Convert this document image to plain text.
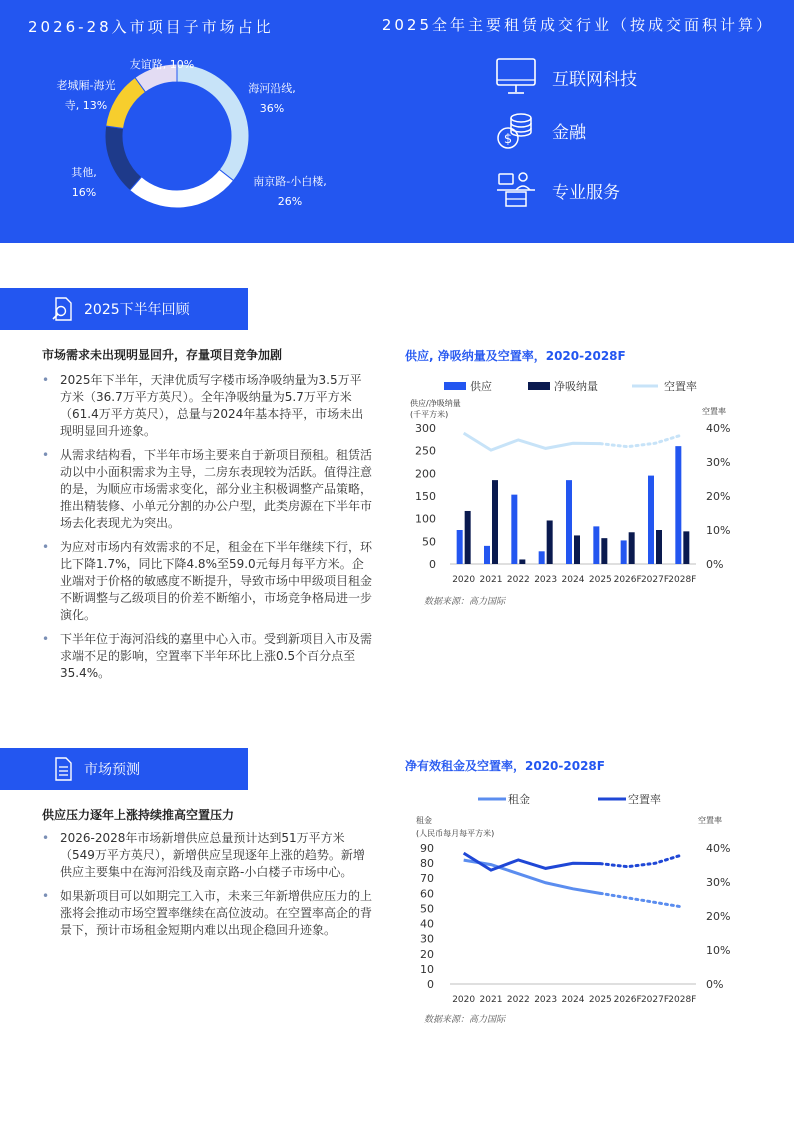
2026-28入市项目子市场占比	2025全年主要租赁成交行业（按成交面积计算）
海河沿线, 36%
南京路-小白楼, 26%
其他, 16%
老城厢-海光寺, 13%
友谊路, 10%
互联网科技
$ 金融
专业服务
2025下半年回顾
市场需求未出现明显回升，存量项目竞争加剧
• 2025年下半年，天津优质写字楼市场净吸纳量为3.5万平方米（36.7万平方英尺）。全年净吸纳量为5.7万平方米（61.4万平方英尺），总量与2024年基本持平，市场未出现明显回升迹象。
• 从需求结构看，下半年市场主要来自于新项目预租。租赁活动以中小面积需求为主导，二房东表现较为活跃。值得注意的是，为顺应市场需求变化，部分业主积极调整产品策略，推出精装修、小单元分割的办公户型，此类房源在下半年市场去化表现尤为突出。
• 为应对市场内有效需求的不足，租金在下半年继续下行，环比下降1.7%，同比下降4.8%至59.0元每月每平方米。企业端对于价格的敏感度不断提升，导致市场中甲级项目租金不断调整与乙级项目的价差不断缩小，市场竞争格局进一步演化。
• 下半年位于海河沿线的嘉里中心入市。受到新项目入市及需求端不足的影响，空置率下半年环比上涨0.5个百分点至35.4%。
供应, 净吸纳量及空置率，2020-2028F
供应	净吸纳量	空置率
供应/净吸纳量
(千平方米)	空置率
0
50
100
150
200
250
300
0%
10%
20%
30%
40%
2020 2021 2022 2023 2024 2025 2026F 2027F 2028F
数据来源：高力国际
市场预测
供应压力逐年上涨持续推高空置压力
• 2026-2028年市场新增供应总量预计达到51万平方米（549万平方英尺），新增供应呈现逐年上涨的趋势。新增供应主要集中在海河沿线及南京路-小白楼子市场中心。
• 如果新项目可以如期完工入市，未来三年新增供应压力的上涨将会推动市场空置率继续在高位波动。在空置率高企的背景下，预计市场租金短期内难以出现企稳回升迹象。
净有效租金及空置率，2020-2028F
租金	空置率
租金
(人民币每月每平方米)
空置率
0
10
20
30
40
50
60
70
80
90
0%
10%
20%
30%
40%
2020 2021 2022 2023 2024 2025 2026F 2027F 2028F
数据来源：高力国际
